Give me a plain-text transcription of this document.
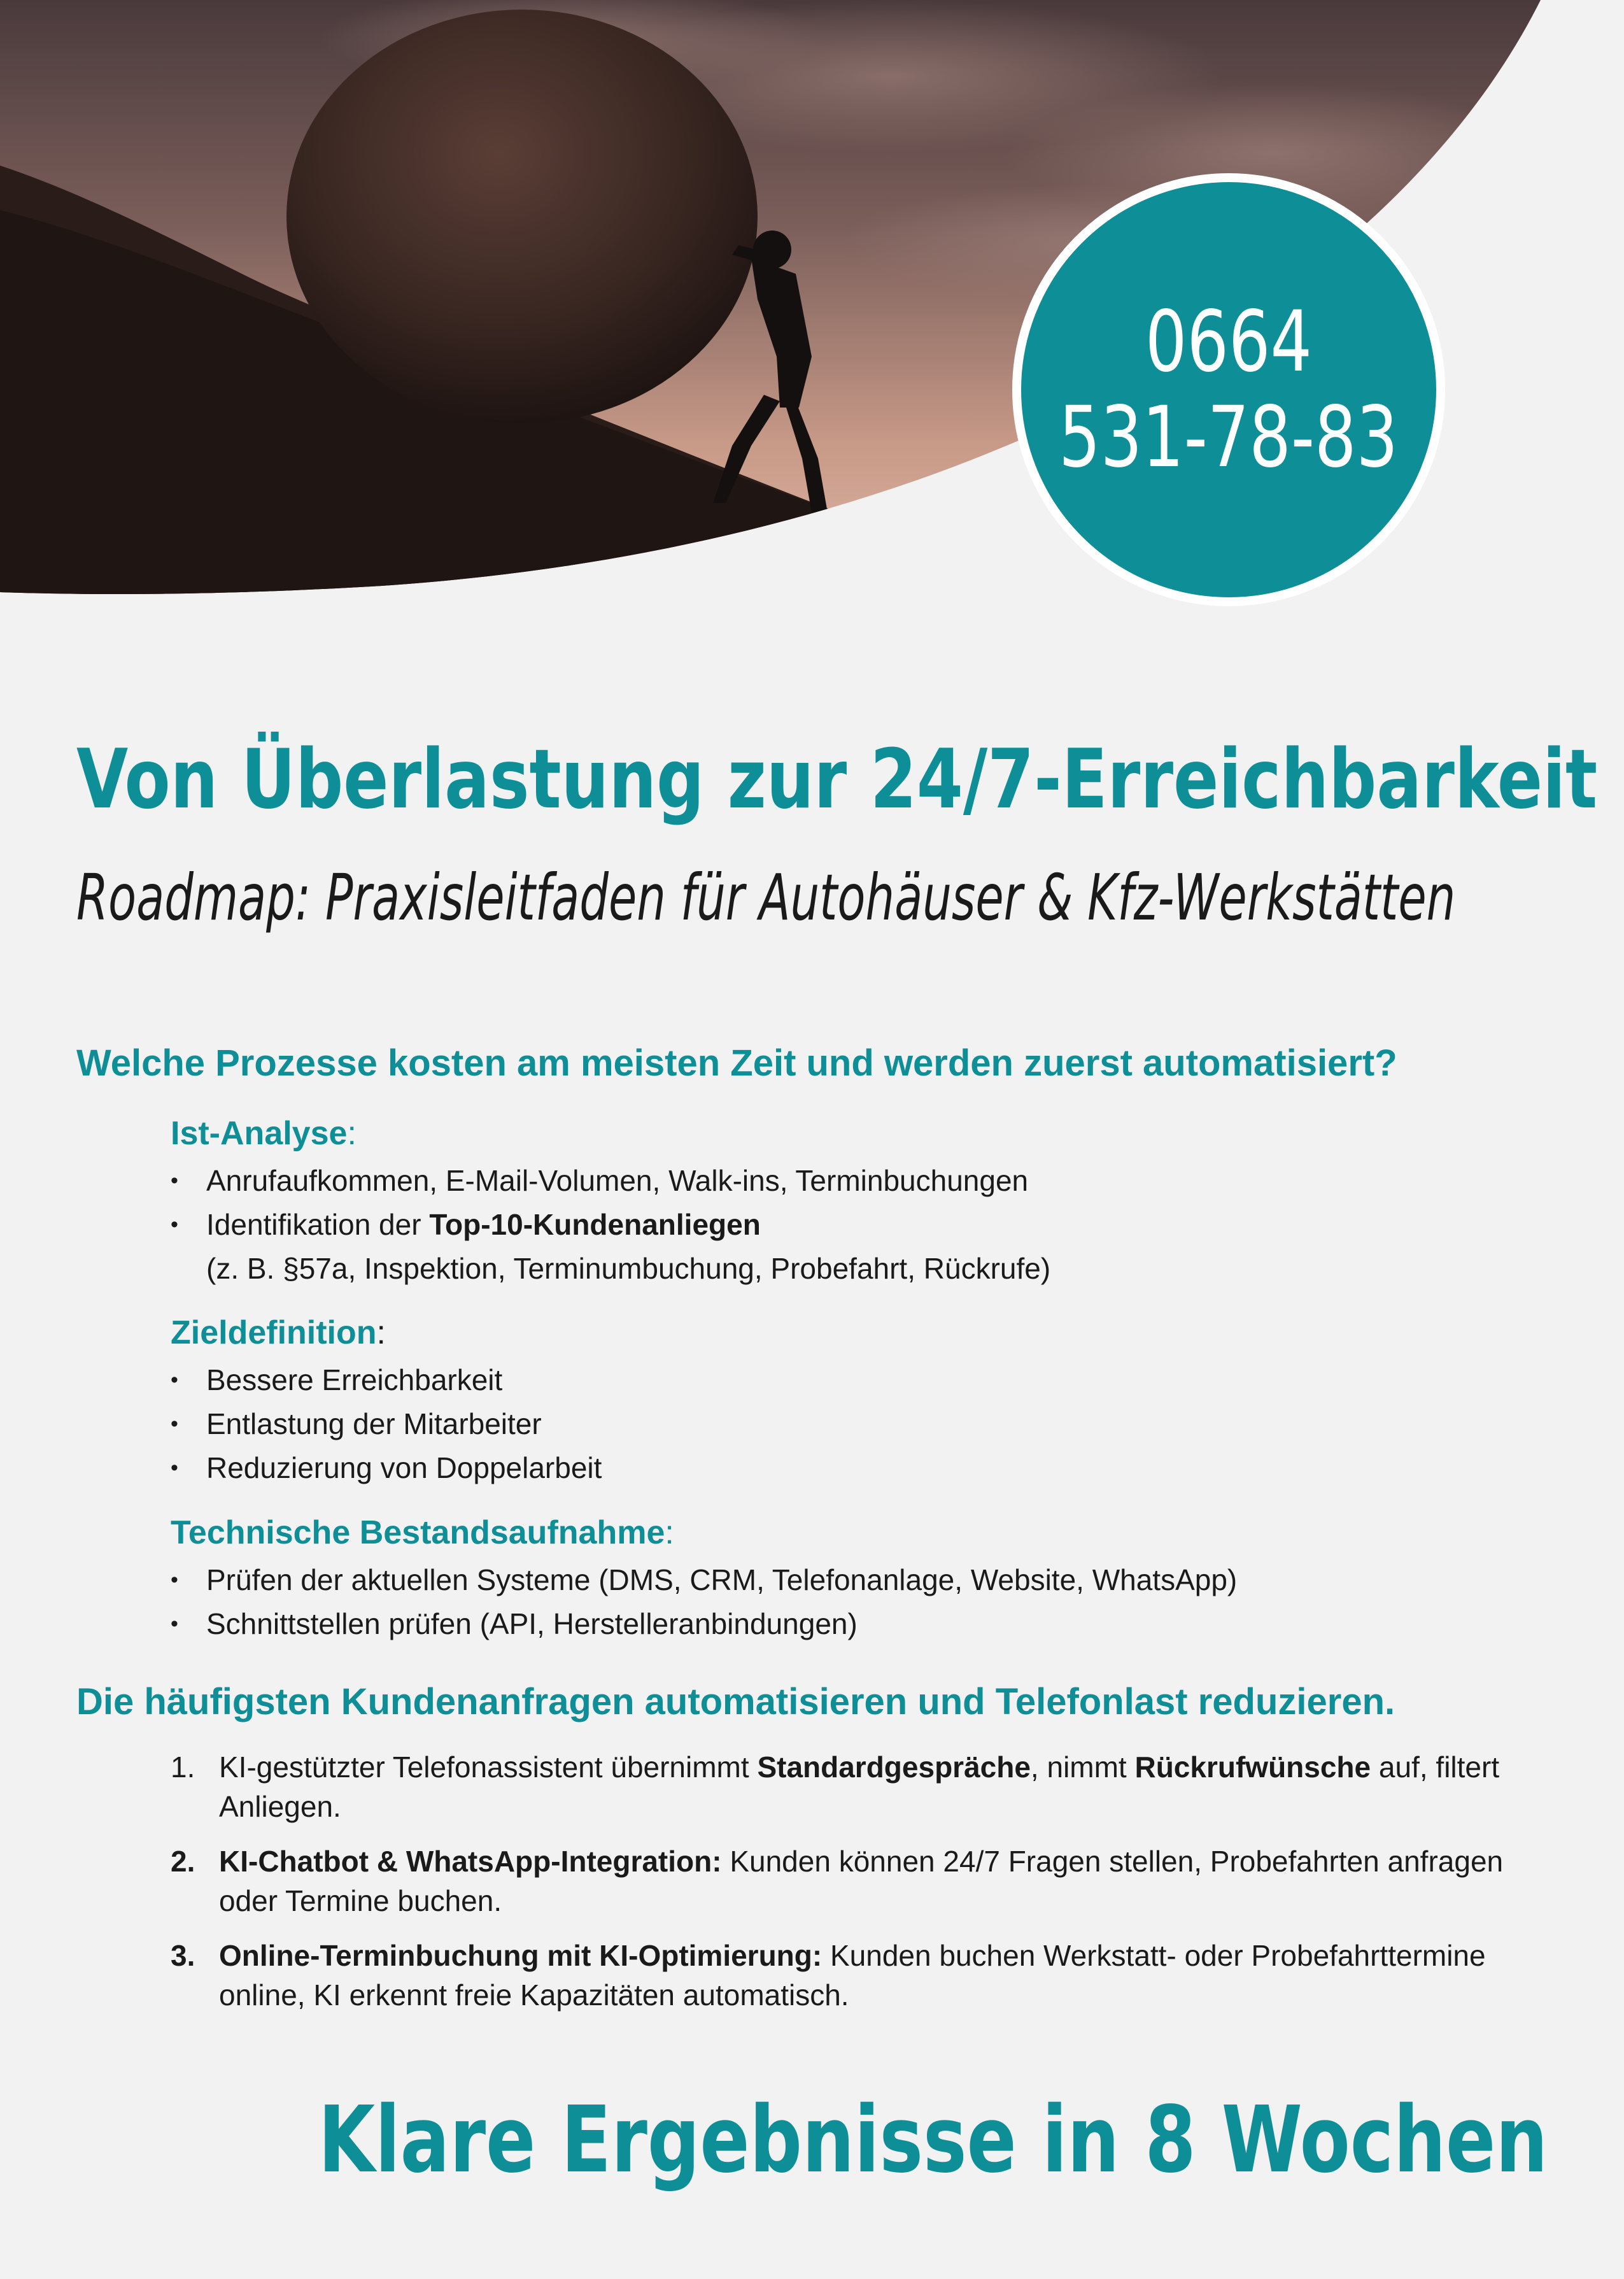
0664
531-78-83
Von Überlastung zur 24/7-Erreichbarkeit
Roadmap: Praxisleitfaden für Autohäuser & Kfz-Werkstätten
Welche Prozesse kosten am meisten Zeit und werden zuerst automatisiert?
Ist-Analyse:
• Anrufaufkommen, E-Mail-Volumen, Walk-ins, Terminbuchungen
• Identifikation der Top-10-Kundenanliegen
(z. B. §57a, Inspektion, Terminumbuchung, Probefahrt, Rückrufe)
Zieldefinition:
• Bessere Erreichbarkeit
• Entlastung der Mitarbeiter
• Reduzierung von Doppelarbeit
Technische Bestandsaufnahme:
• Prüfen der aktuellen Systeme (DMS, CRM, Telefonanlage, Website, WhatsApp)
• Schnittstellen prüfen (API, Herstelleranbindungen)
Die häufigsten Kundenanfragen automatisieren und Telefonlast reduzieren.
1. KI-gestützter Telefonassistent übernimmt Standardgespräche, nimmt Rückrufwünsche auf, filtert Anliegen.
2. KI-Chatbot & WhatsApp-Integration: Kunden können 24/7 Fragen stellen, Probefahrten anfragen oder Termine buchen.
3. Online-Terminbuchung mit KI-Optimierung: Kunden buchen Werkstatt- oder Probefahrttermine online, KI erkennt freie Kapazitäten automatisch.
Klare Ergebnisse in 8 Wochen
